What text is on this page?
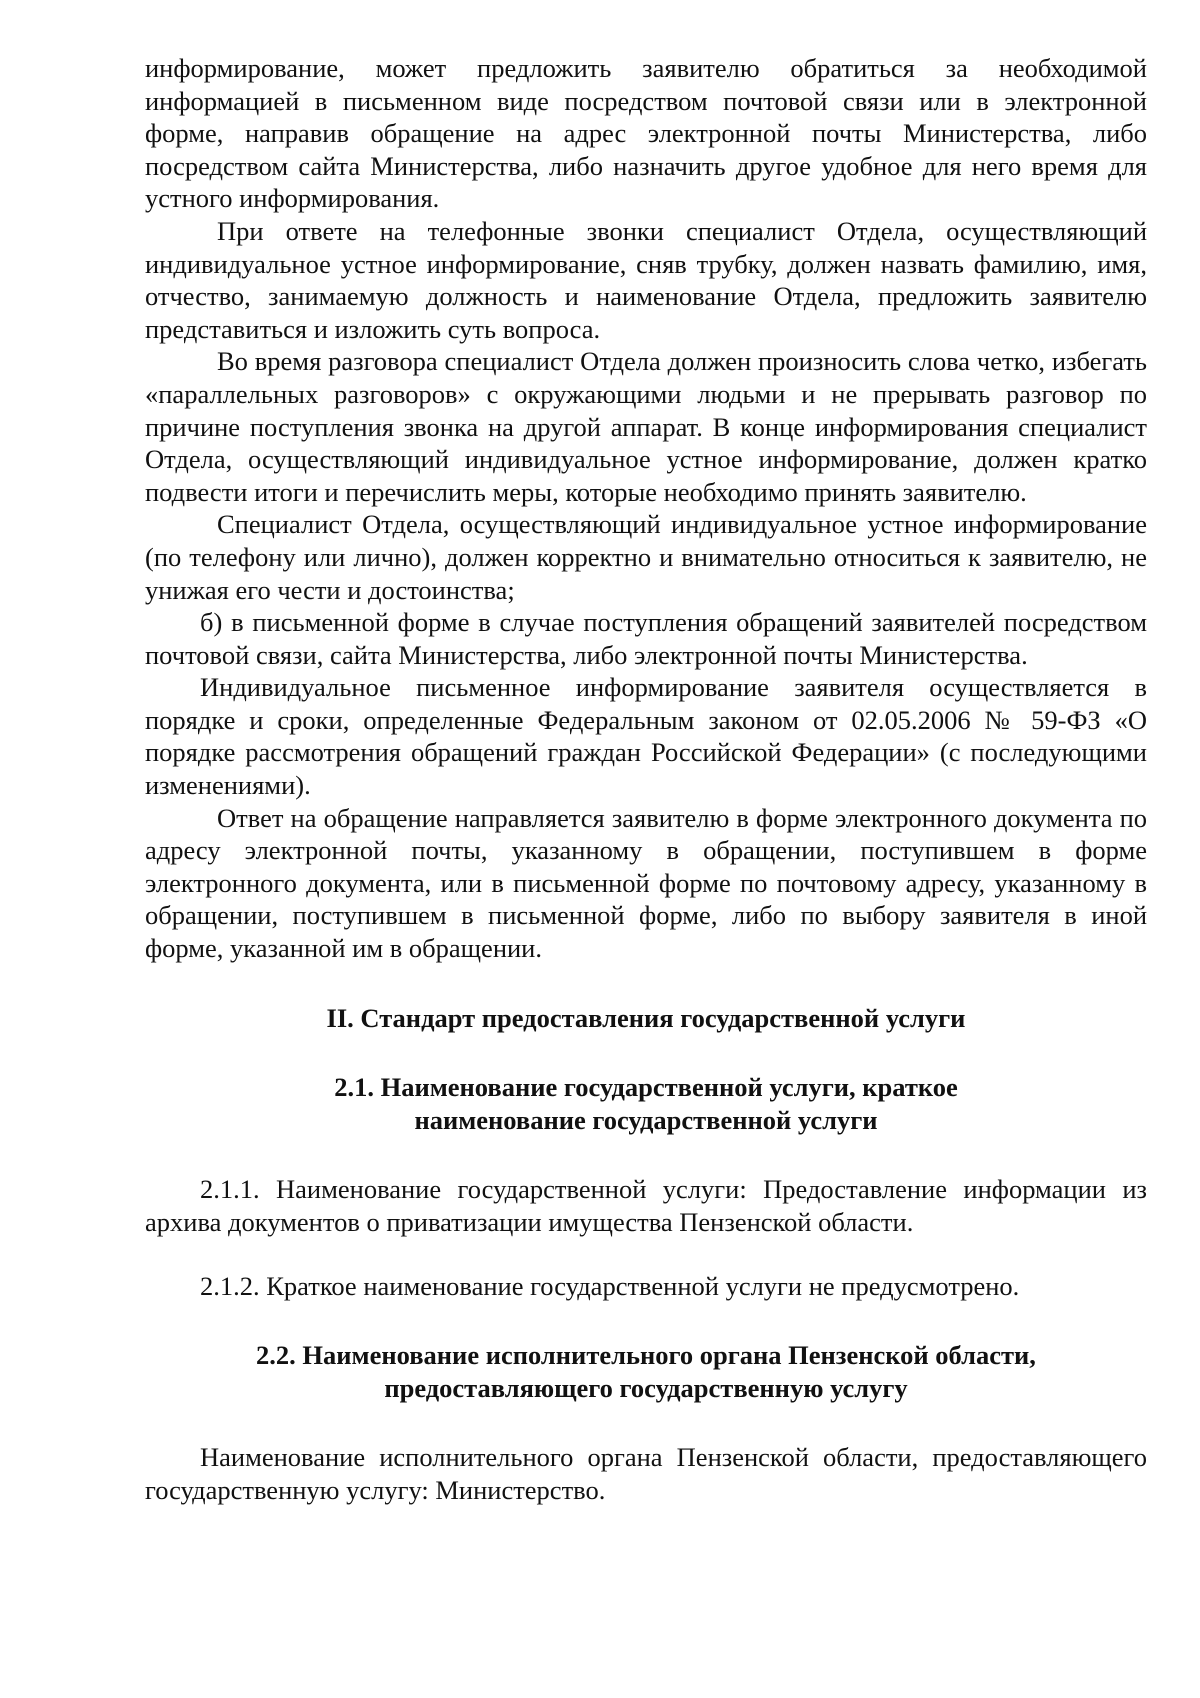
информирование, может предложить заявителю обратиться за необходимой информацией в письменном виде посредством почтовой связи или в электронной форме, направив обращение на адрес электронной почты Министерства, либо посредством сайта Министерства, либо назначить другое удобное для него время для устного информирования.

При ответе на телефонные звонки специалист Отдела, осуществляющий индивидуальное устное информирование, сняв трубку, должен назвать фамилию, имя, отчество, занимаемую должность и наименование Отдела, предложить заявителю представиться и изложить суть вопроса.

Во время разговора специалист Отдела должен произносить слова четко, избегать «параллельных разговоров» с окружающими людьми и не прерывать разговор по причине поступления звонка на другой аппарат. В конце информирования специалист Отдела, осуществляющий индивидуальное устное информирование, должен кратко подвести итоги и перечислить меры, которые необходимо принять заявителю.

Специалист Отдела, осуществляющий индивидуальное устное информирование (по телефону или лично), должен корректно и внимательно относиться к заявителю, не унижая его чести и достоинства;

б) в письменной форме в случае поступления обращений заявителей посредством почтовой связи, сайта Министерства, либо электронной почты Министерства.

Индивидуальное письменное информирование заявителя осуществляется в порядке и сроки, определенные Федеральным законом от 02.05.2006 № 59-ФЗ «О порядке рассмотрения обращений граждан Российской Федерации» (с последующими изменениями).

Ответ на обращение направляется заявителю в форме электронного документа по адресу электронной почты, указанному в обращении, поступившем в форме электронного документа, или в письменной форме по почтовому адресу, указанному в обращении, поступившем в письменной форме, либо по выбору заявителя в иной форме, указанной им в обращении.

II. Стандарт предоставления государственной услуги

2.1. Наименование государственной услуги, краткое

наименование государственной услуги

2.1.1. Наименование государственной услуги: Предоставление информации из архива документов о приватизации имущества Пензенской области.

2.1.2. Краткое наименование государственной услуги не предусмотрено.

2.2. Наименование исполнительного органа Пензенской области,

предоставляющего государственную услугу

Наименование исполнительного органа Пензенской области, предоставляющего государственную услугу: Министерство.
